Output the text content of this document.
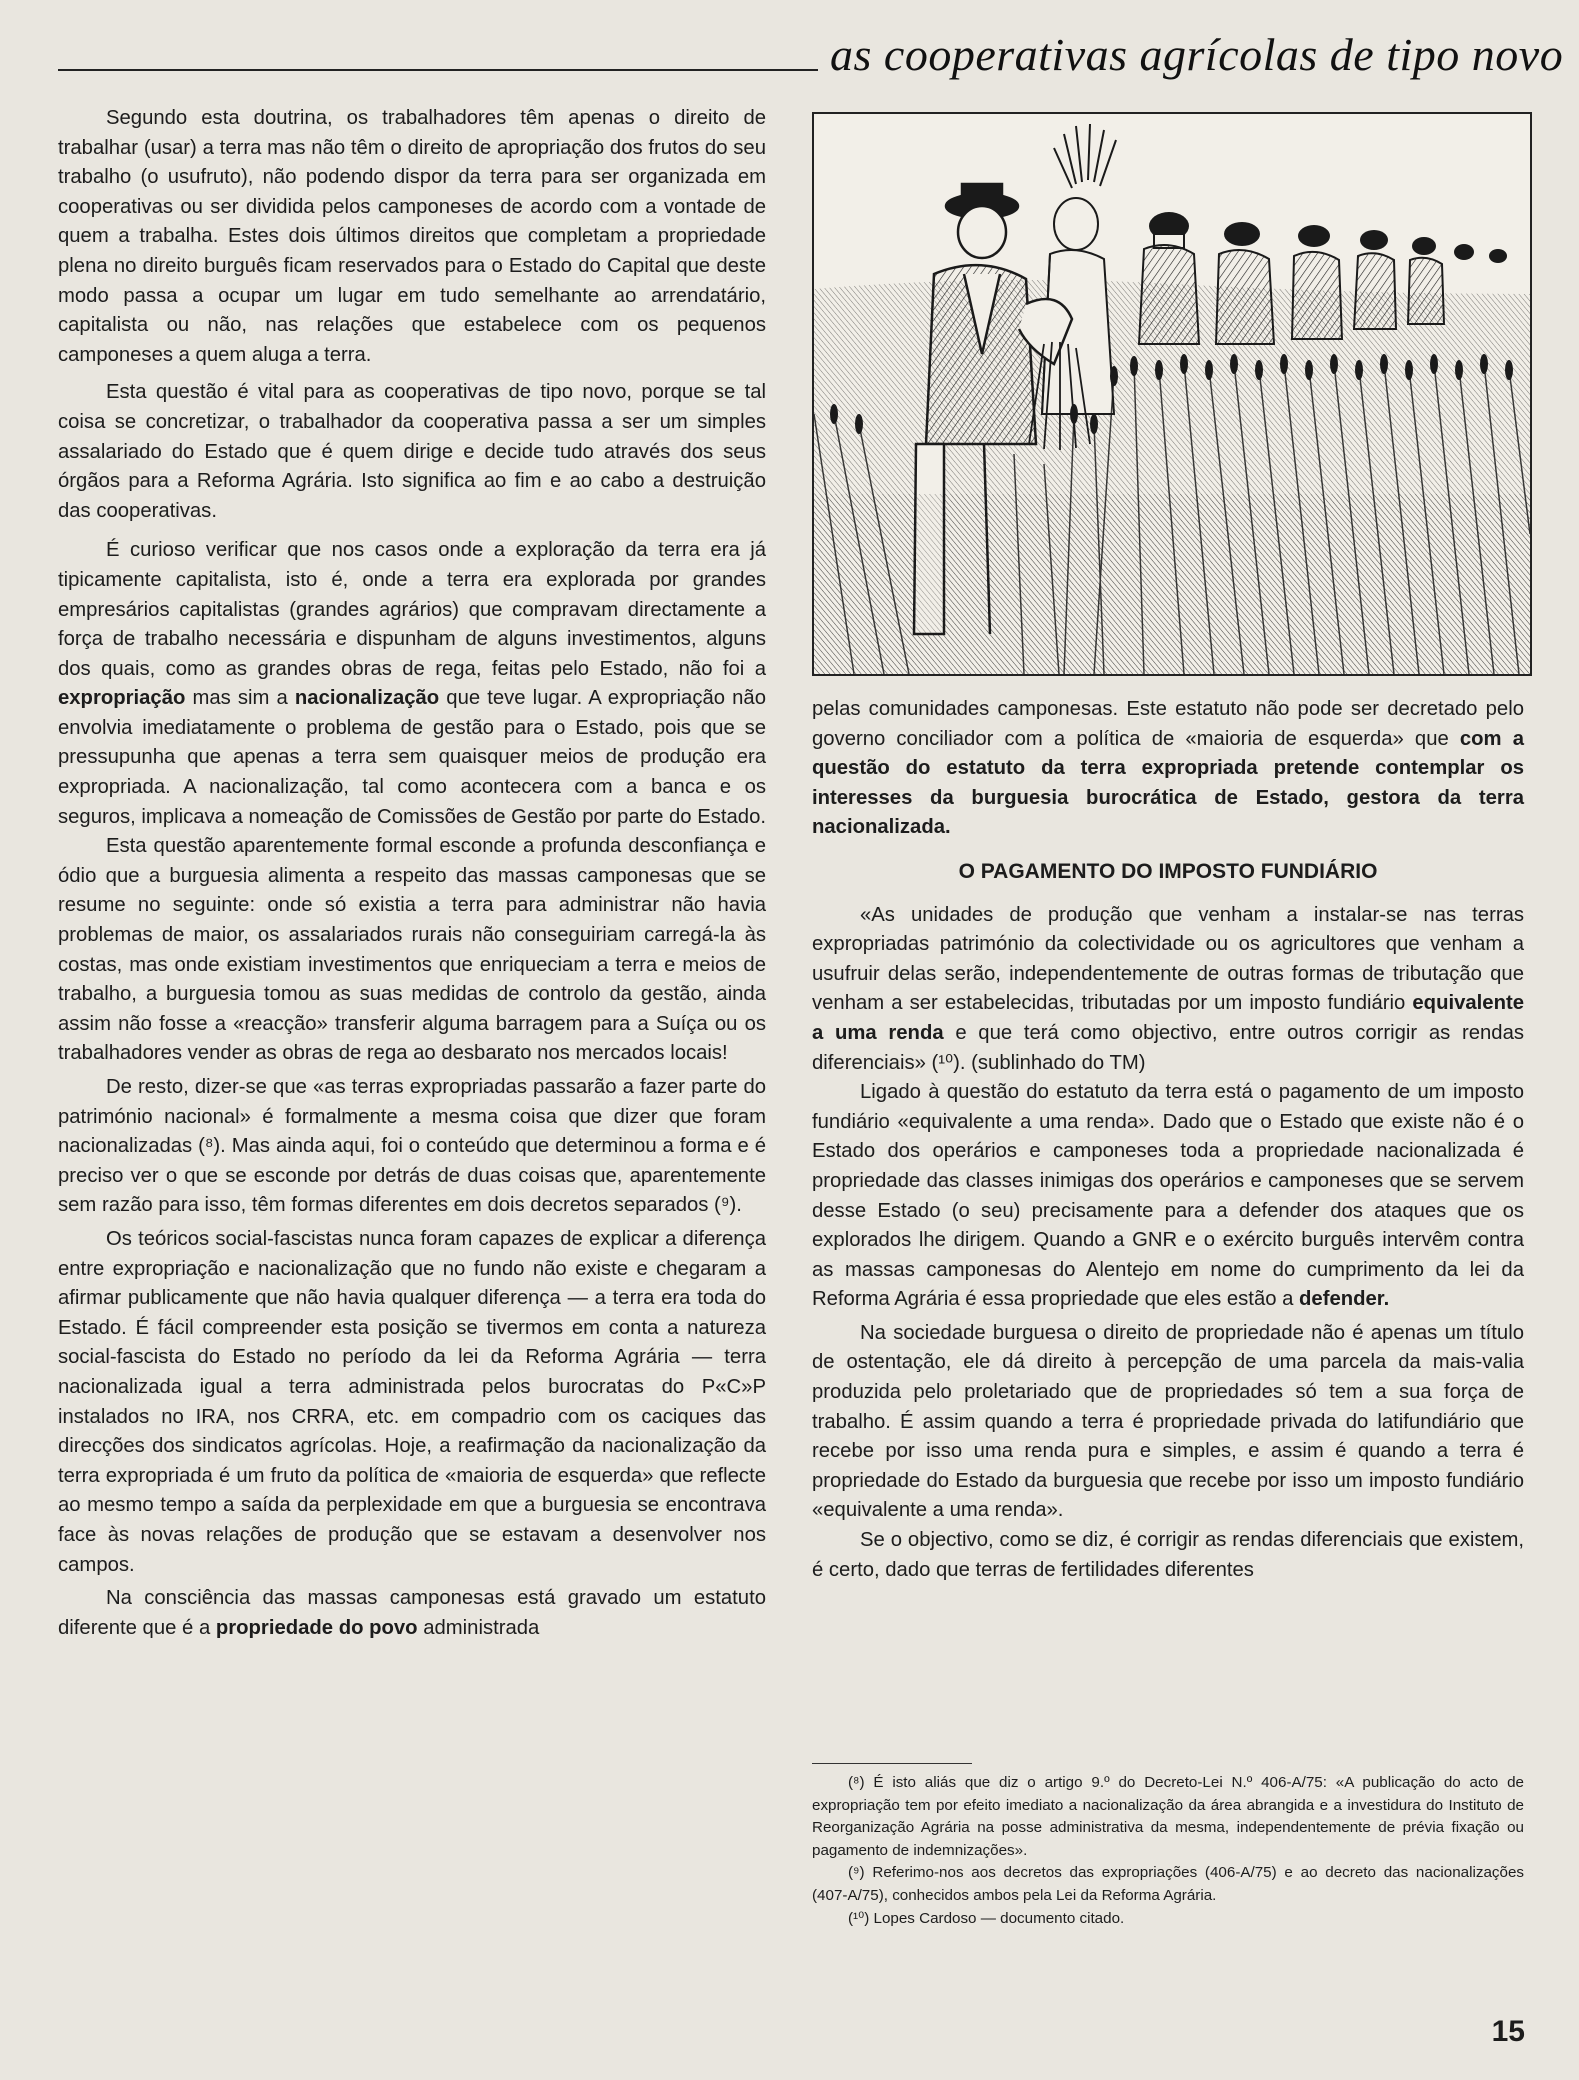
as cooperativas agrícolas de tipo novo

Segundo esta doutrina, os trabalhadores têm apenas o direito de trabalhar (usar) a terra mas não têm o direito de apropriação dos frutos do seu trabalho (o usufruto), não podendo dispor da terra para ser organizada em cooperativas ou ser dividida pelos camponeses de acordo com a vontade de quem a trabalha. Estes dois últimos direitos que completam a propriedade plena no direito burguês ficam reservados para o Estado do Capital que deste modo passa a ocupar um lugar em tudo semelhante ao arrendatário, capitalista ou não, nas relações que estabelece com os pequenos camponeses a quem aluga a terra.

Esta questão é vital para as cooperativas de tipo novo, porque se tal coisa se concretizar, o trabalhador da cooperativa passa a ser um simples assalariado do Estado que é quem dirige e decide tudo através dos seus órgãos para a Reforma Agrária. Isto significa ao fim e ao cabo a destruição das cooperativas.

É curioso verificar que nos casos onde a exploração da terra era já tipicamente capitalista, isto é, onde a terra era explorada por grandes empresários capitalistas (grandes agrários) que compravam directamente a força de trabalho necessária e dispunham de alguns investimentos, alguns dos quais, como as grandes obras de rega, feitas pelo Estado, não foi a expropriação mas sim a nacionalização que teve lugar. A expropriação não envolvia imediatamente o problema de gestão para o Estado, pois que se pressupunha que apenas a terra sem quaisquer meios de produção era expropriada. A nacionalização, tal como acontecera com a banca e os seguros, implicava a nomeação de Comissões de Gestão por parte do Estado.

Esta questão aparentemente formal esconde a profunda desconfiança e ódio que a burguesia alimenta a respeito das massas camponesas que se resume no seguinte: onde só existia a terra para administrar não havia problemas de maior, os assalariados rurais não conseguiriam carregá-la às costas, mas onde existiam investimentos que enriqueciam a terra e meios de trabalho, a burguesia tomou as suas medidas de controlo da gestão, ainda assim não fosse a «reacção» transferir alguma barragem para a Suíça ou os trabalhadores vender as obras de rega ao desbarato nos mercados locais!

De resto, dizer-se que «as terras expropriadas passarão a fazer parte do património nacional» é formalmente a mesma coisa que dizer que foram nacionalizadas (⁸). Mas ainda aqui, foi o conteúdo que determinou a forma e é preciso ver o que se esconde por detrás de duas coisas que, aparentemente sem razão para isso, têm formas diferentes em dois decretos separados (⁹).

Os teóricos social-fascistas nunca foram capazes de explicar a diferença entre expropriação e nacionalização que no fundo não existe e chegaram a afirmar publicamente que não havia qualquer diferença — a terra era toda do Estado. É fácil compreender esta posição se tivermos em conta a natureza social-fascista do Estado no período da lei da Reforma Agrária — terra nacionalizada igual a terra administrada pelos burocratas do P«C»P instalados no IRA, nos CRRA, etc. em compadrio com os caciques das direcções dos sindicatos agrícolas. Hoje, a reafirmação da nacionalização da terra expropriada é um fruto da política de «maioria de esquerda» que reflecte ao mesmo tempo a saída da perplexidade em que a burguesia se encontrava face às novas relações de produção que se estavam a desenvolver nos campos.

Na consciência das massas camponesas está gravado um estatuto diferente que é a propriedade do povo administrada

pelas comunidades camponesas. Este estatuto não pode ser decretado pelo governo conciliador com a política de «maioria de esquerda» que com a questão do estatuto da terra expropriada pretende contemplar os interesses da burguesia burocrática de Estado, gestora da terra nacionalizada.

O PAGAMENTO DO IMPOSTO FUNDIÁRIO

«As unidades de produção que venham a instalar-se nas terras expropriadas património da colectividade ou os agricultores que venham a usufruir delas serão, independentemente de outras formas de tributação que venham a ser estabelecidas, tributadas por um imposto fundiário equivalente a uma renda e que terá como objectivo, entre outros corrigir as rendas diferenciais» (¹⁰). (sublinhado do TM)

Ligado à questão do estatuto da terra está o pagamento de um imposto fundiário «equivalente a uma renda». Dado que o Estado que existe não é o Estado dos operários e camponeses toda a propriedade nacionalizada é propriedade das classes inimigas dos operários e camponeses que se servem desse Estado (o seu) precisamente para a defender dos ataques que os explorados lhe dirigem. Quando a GNR e o exército burguês intervêm contra as massas camponesas do Alentejo em nome do cumprimento da lei da Reforma Agrária é essa propriedade que eles estão a defender.

Na sociedade burguesa o direito de propriedade não é apenas um título de ostentação, ele dá direito à percepção de uma parcela da mais-valia produzida pelo proletariado que de propriedades só tem a sua força de trabalho. É assim quando a terra é propriedade privada do latifundiário que recebe por isso uma renda pura e simples, e assim é quando a terra é propriedade do Estado da burguesia que recebe por isso um imposto fundiário «equivalente a uma renda».

Se o objectivo, como se diz, é corrigir as rendas diferenciais que existem, é certo, dado que terras de fertilidades diferentes

(⁸) É isto aliás que diz o artigo 9.º do Decreto-Lei N.º 406-A/75: «A publicação do acto de expropriação tem por efeito imediato a nacionalização da área abrangida e a investidura do Instituto de Reorganização Agrária na posse administrativa da mesma, independentemente de prévia fixação ou pagamento de indemnizações».

(⁹) Referimo-nos aos decretos das expropriações (406-A/75) e ao decreto das nacionalizações (407-A/75), conhecidos ambos pela Lei da Reforma Agrária.

(¹⁰) Lopes Cardoso — documento citado.

15
